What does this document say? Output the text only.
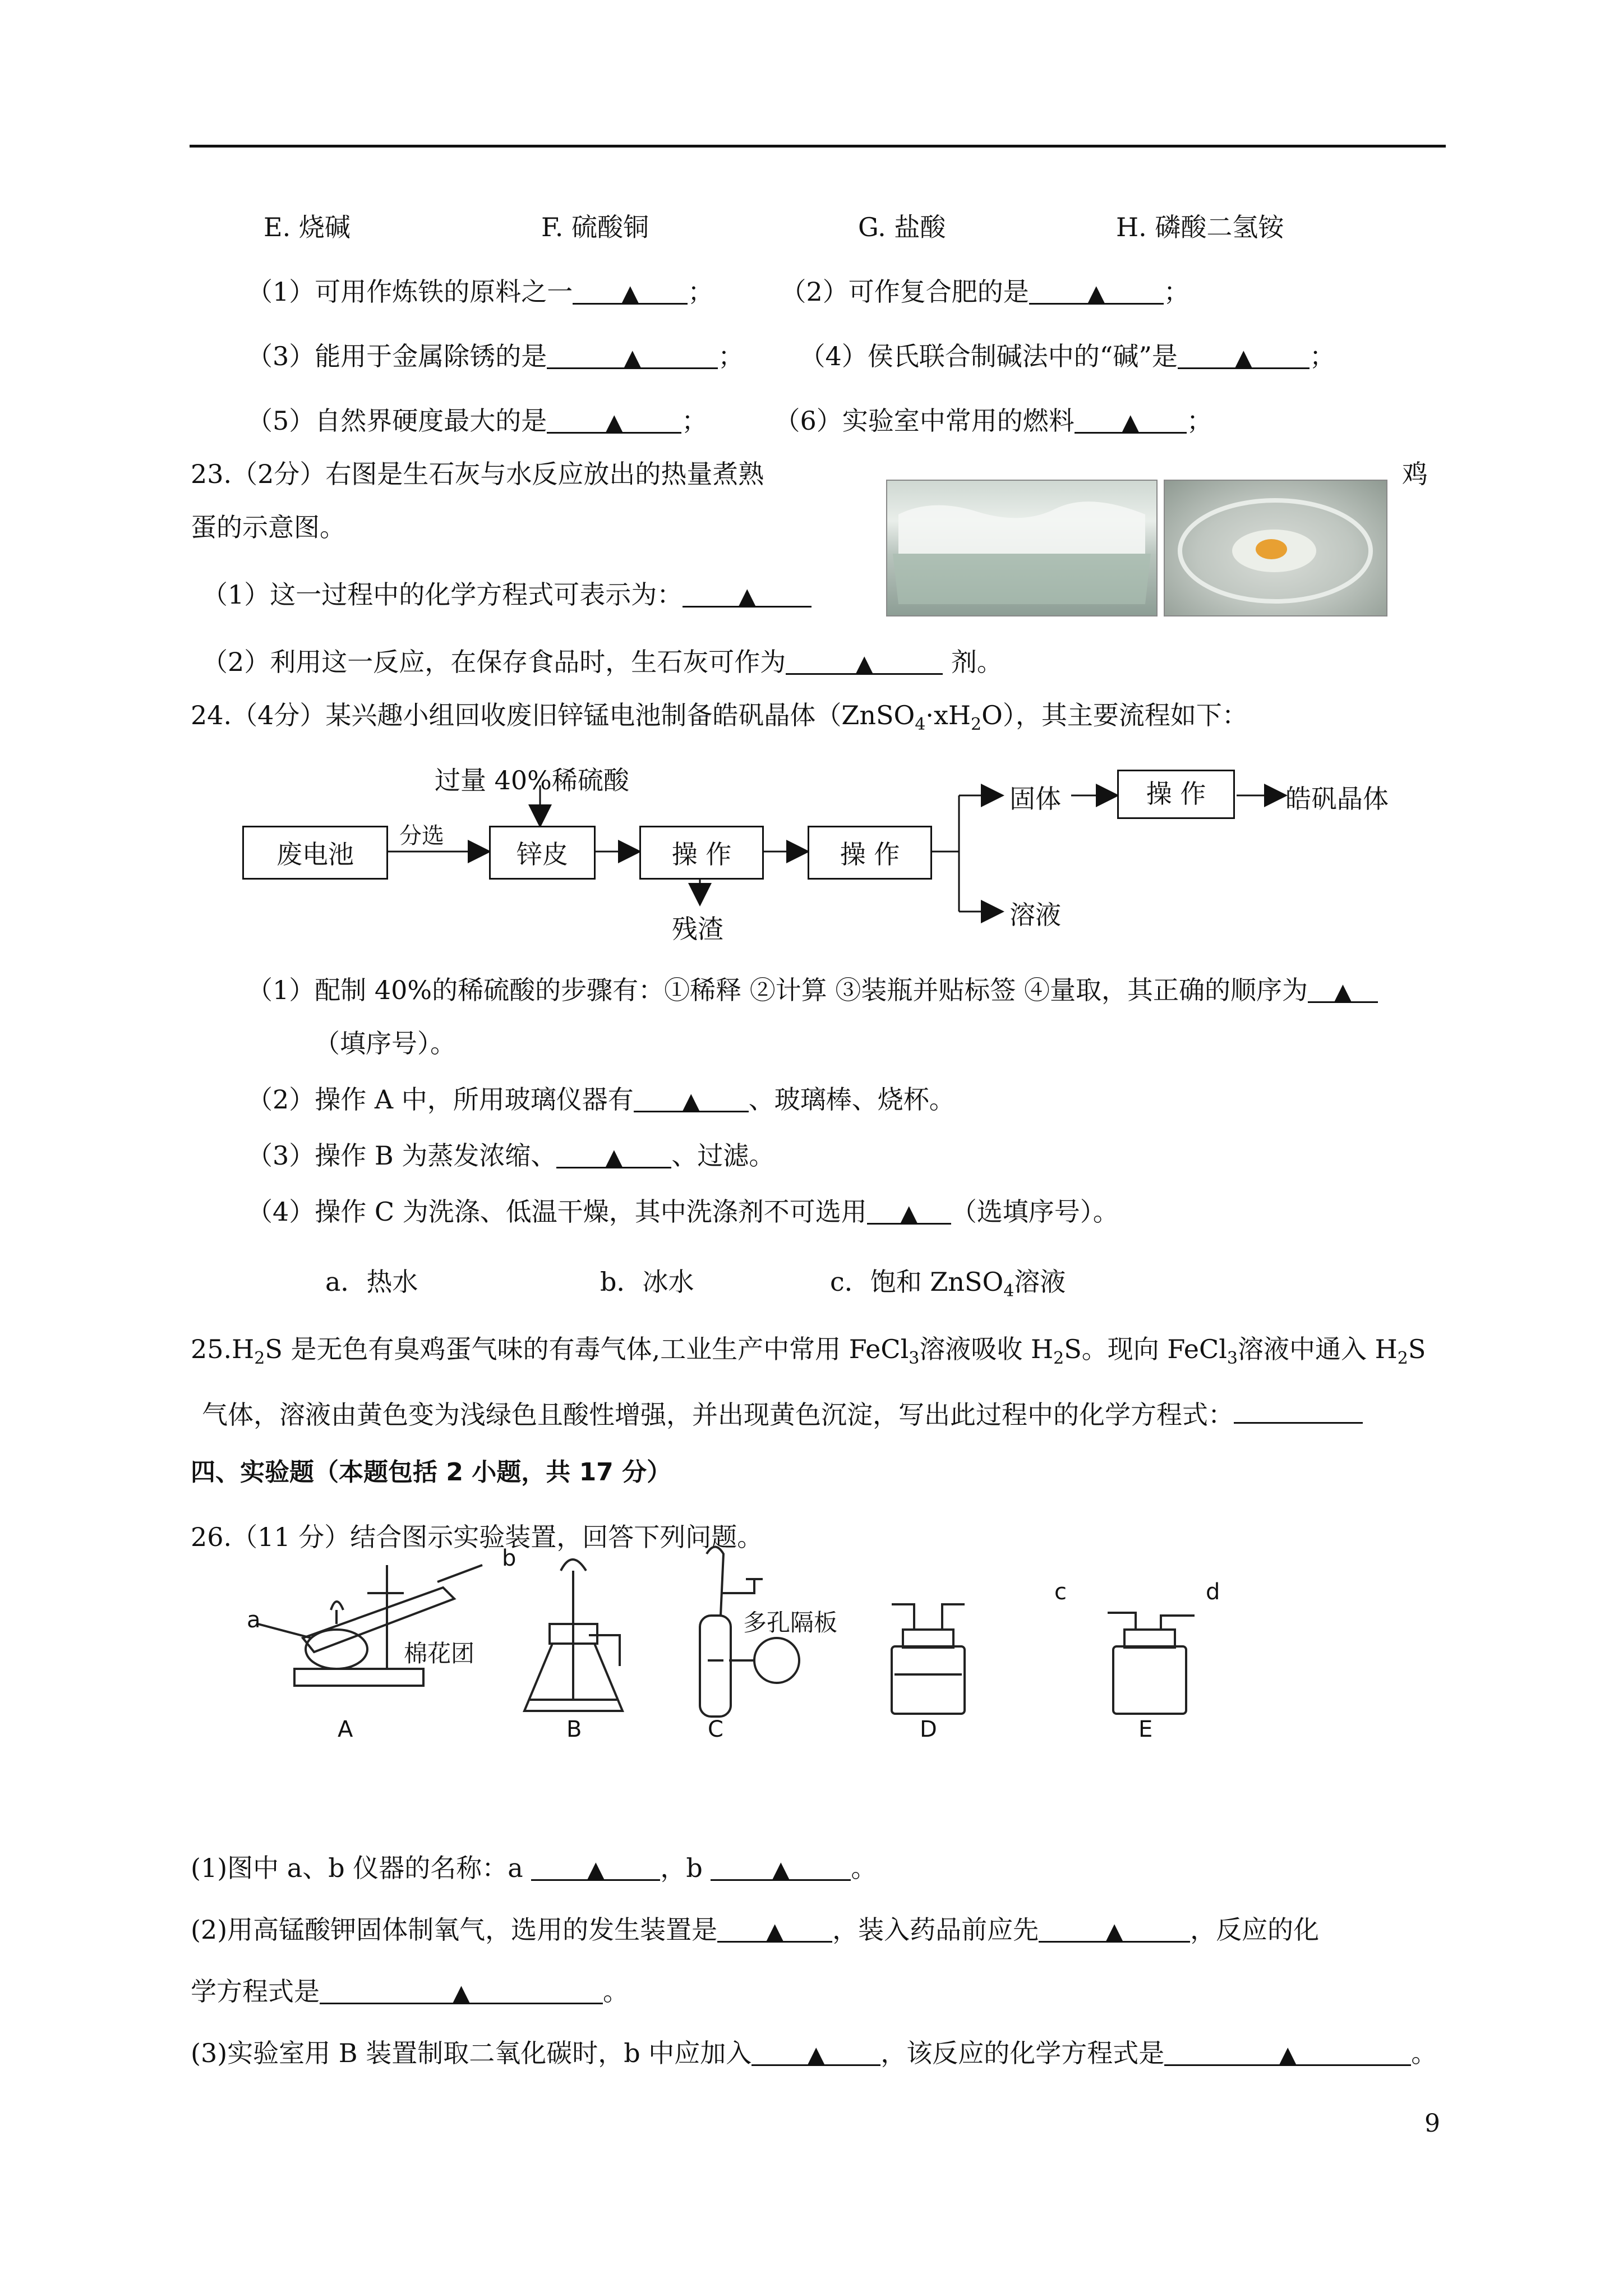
E. 烧碱	F. 硫酸铜	G. 盐酸	H. 磷酸二氢铵
（1）可用作炼铁的原料之一 ▲ ；	（2）可作复合肥的是	▲ ；
（3）能用于金属除锈的是	▲	； （4）侯氏联合制碱法中的“碱”是	▲ ；
（5）自然界硬度最大的是	▲ ；	（6）实验室中常用的燃料 ▲ ；
23.（2分）右图是生石灰与水反应放出的热量煮熟	鸡
蛋的示意图。
（1）这一过程中的化学方程式可表示为： ▲
（2）利用这一反应，在保存食品时，生石灰可作为	▲	剂。
24.（4分）某兴趣小组回收废旧锌锰电池制备皓矾晶体$(ZnSO_4\cdot xH_2O)$，其主要流程如下：
过量 40%稀硫酸
废电池
分选
锌皮	操 作
残渣
操 作
固体
溶液
操 作	皓矾晶体
（1）配制 40%的稀硫酸的步骤有：①稀释 ②计算 ③装瓶并贴标签 ④量取，其正确的顺序为 ▲
（填序号）。
（2）操作 A 中，所用玻璃仪器有 ▲ 、玻璃棒、烧杯。
（3）操作 B 为蒸发浓缩、 ▲ 、过滤。
（4）操作 C 为洗涤、低温干燥，其中洗涤剂不可选用 ▲ （选填序号）。
a．热水	b．冰水	c．饱和 ZnSO$_4$溶液
$25.H_2S$ 是无色有臭鸡蛋气味的有毒气体,工业生产中常用 FeCl$_3$溶液吸收 $H_2S$。现向 FeCl$_3$溶液中通入 $H_2S$
气体，溶液由黄色变为浅绿色且酸性增强，并出现黄色沉淀，写出此过程中的化学方程式：
四、实验题（本题包括 2 小题，共 17 分）
26.（11 分）结合图示实验装置，回答下列问题。
a
b
c	d
棉花团
多孔隔板
A	B	C	D	E
(1)图中 a、b 仪器的名称：a	▲ ，b	▲ 。
(2)用高锰酸钾固体制氧气，选用的发生装置是 ▲ ，装入药品前应先	▲	，反应的化
学方程式是	▲	。
(3)实验室用 B 装置制取二氧化碳时，b 中应加入 ▲ ，该反应的化学方程式是	▲	。
9
